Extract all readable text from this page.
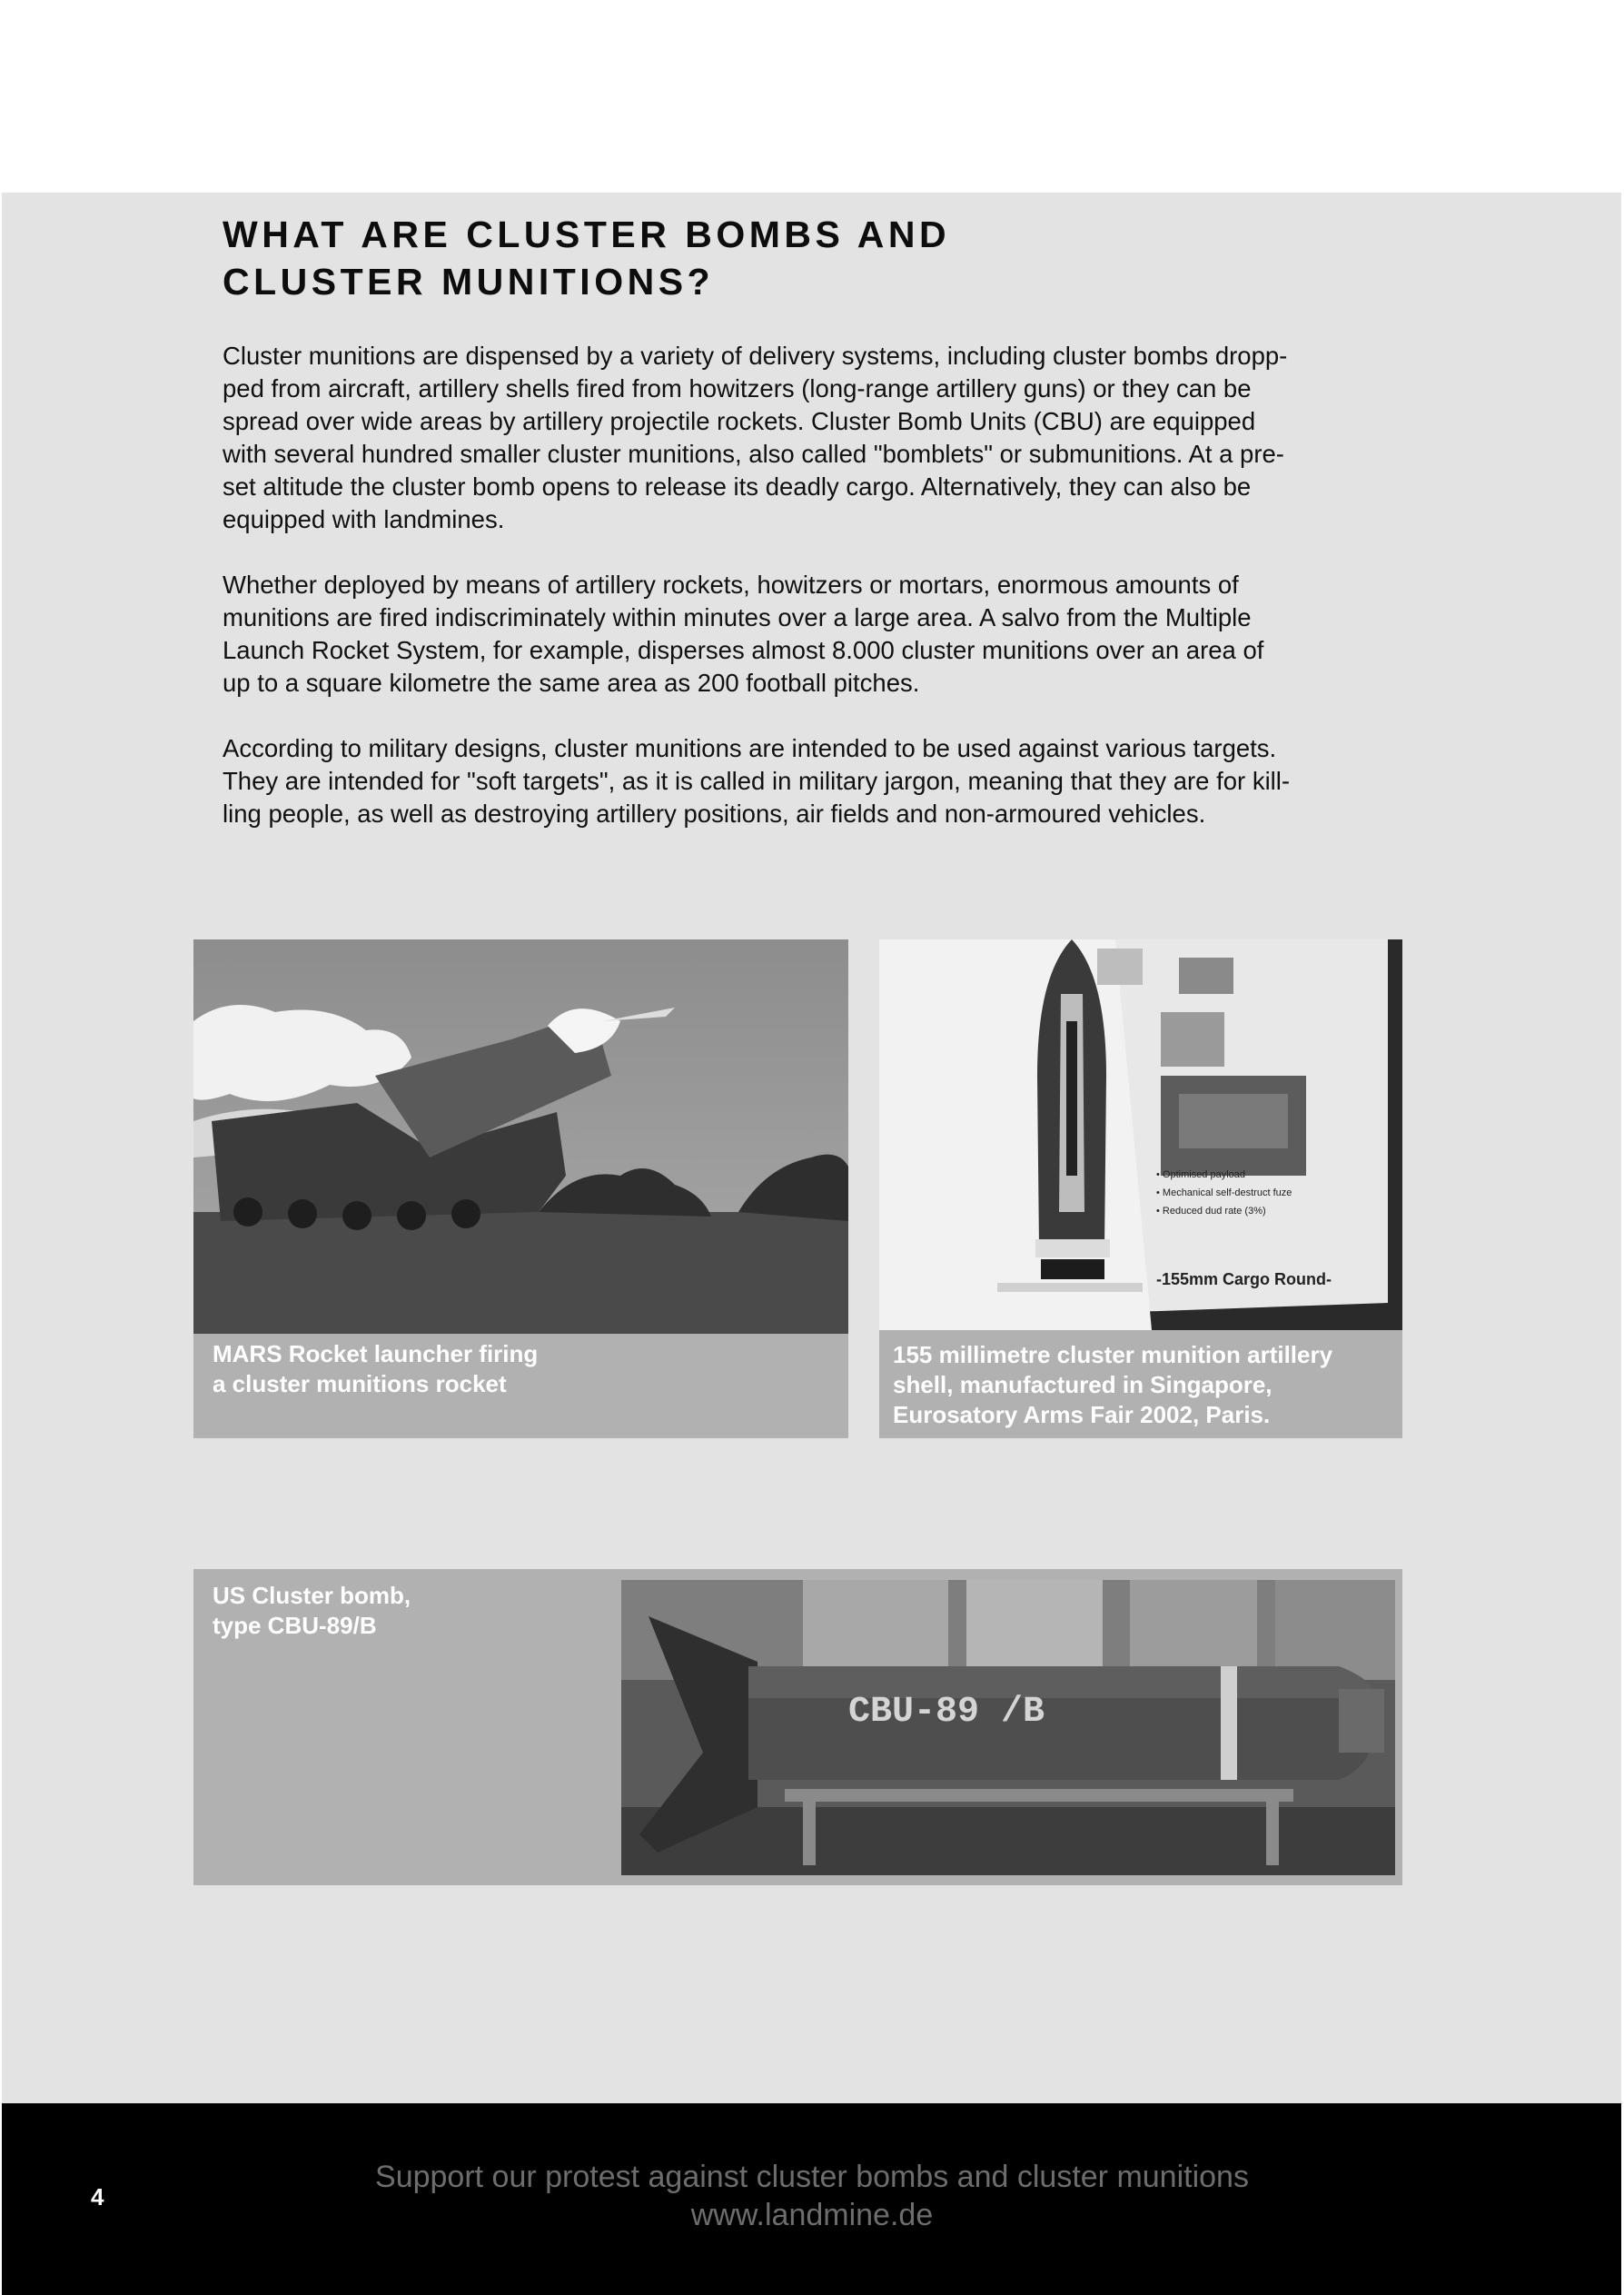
WHAT ARE CLUSTER BOMBS AND
CLUSTER MUNITIONS?

Cluster munitions are dispensed by a variety of delivery systems, including cluster bombs dropp-
ped from aircraft, artillery shells fired from howitzers (long-range artillery guns) or they can be
spread over wide areas by artillery projectile rockets. Cluster Bomb Units (CBU) are equipped
with several hundred smaller cluster munitions, also called "bomblets" or submunitions. At a pre-
set altitude the cluster bomb opens to release its deadly cargo. Alternatively, they can also be
equipped with landmines.

Whether deployed by means of artillery rockets, howitzers or mortars, enormous amounts of
munitions are fired indiscriminately within minutes over a large area. A salvo from the Multiple
Launch Rocket System, for example, disperses almost 8.000 cluster munitions over an area of
up to a square kilometre the same area as 200 football pitches.

According to military designs, cluster munitions are intended to be used against various targets.
They are intended for "soft targets", as it is called in military jargon, meaning that they are for kill-
ling people, as well as destroying artillery positions, air fields and non-armoured vehicles.

MARS Rocket launcher firing
a cluster munitions rocket
• Optimised payload
• Mechanical self-destruct fuze
• Reduced dud rate (3%)
-155mm Cargo Round-
155 millimetre cluster munition artillery
shell, manufactured in Singapore,
Eurosatory Arms Fair 2002, Paris.
US Cluster bomb,
type CBU-89/B
CBU-89 /B
4
Support our protest against cluster bombs and cluster munitions
www.landmine.de
